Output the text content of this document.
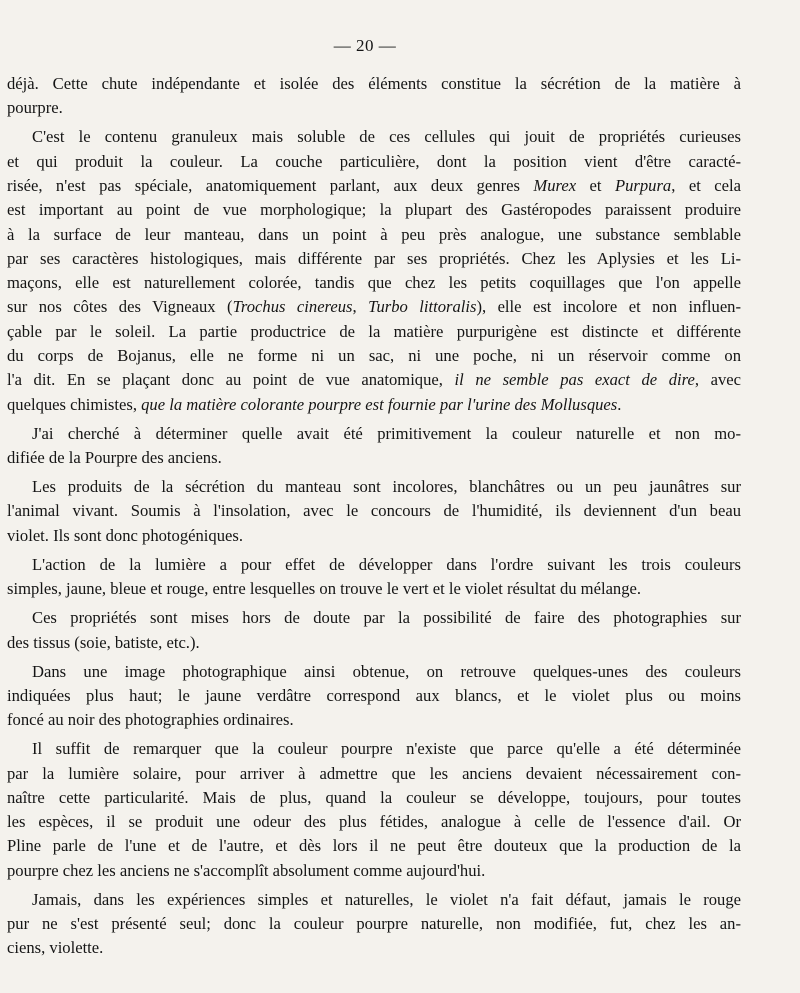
— 20 —

déjà. Cette chute indépendante et isolée des éléments constitue la sécrétion de la matière à
pourpre.

C'est le contenu granuleux mais soluble de ces cellules qui jouit de propriétés curieuses
et qui produit la couleur. La couche particulière, dont la position vient d'être caracté-
risée, n'est pas spéciale, anatomiquement parlant, aux deux genres Murex et Purpura, et cela
est important au point de vue morphologique; la plupart des Gastéropodes paraissent produire
à la surface de leur manteau, dans un point à peu près analogue, une substance semblable
par ses caractères histologiques, mais différente par ses propriétés. Chez les Aplysies et les Li-
maçons, elle est naturellement colorée, tandis que chez les petits coquillages que l'on appelle
sur nos côtes des Vigneaux (Trochus cinereus, Turbo littoralis), elle est incolore et non influen-
çable par le soleil. La partie productrice de la matière purpurigène est distincte et différente
du corps de Bojanus, elle ne forme ni un sac, ni une poche, ni un réservoir comme on
l'a dit. En se plaçant donc au point de vue anatomique, il ne semble pas exact de dire, avec
quelques chimistes, que la matière colorante pourpre est fournie par l'urine des Mollusques.

J'ai cherché à déterminer quelle avait été primitivement la couleur naturelle et non mo-
difiée de la Pourpre des anciens.

Les produits de la sécrétion du manteau sont incolores, blanchâtres ou un peu jaunâtres sur
l'animal vivant. Soumis à l'insolation, avec le concours de l'humidité, ils deviennent d'un beau
violet. Ils sont donc photogéniques.

L'action de la lumière a pour effet de développer dans l'ordre suivant les trois couleurs
simples, jaune, bleue et rouge, entre lesquelles on trouve le vert et le violet résultat du mélange.

Ces propriétés sont mises hors de doute par la possibilité de faire des photographies sur
des tissus (soie, batiste, etc.).

Dans une image photographique ainsi obtenue, on retrouve quelques-unes des couleurs
indiquées plus haut; le jaune verdâtre correspond aux blancs, et le violet plus ou moins
foncé au noir des photographies ordinaires.

Il suffit de remarquer que la couleur pourpre n'existe que parce qu'elle a été déterminée
par la lumière solaire, pour arriver à admettre que les anciens devaient nécessairement con-
naître cette particularité. Mais de plus, quand la couleur se développe, toujours, pour toutes
les espèces, il se produit une odeur des plus fétides, analogue à celle de l'essence d'ail. Or
Pline parle de l'une et de l'autre, et dès lors il ne peut être douteux que la production de la
pourpre chez les anciens ne s'accomplît absolument comme aujourd'hui.

Jamais, dans les expériences simples et naturelles, le violet n'a fait défaut, jamais le rouge
pur ne s'est présenté seul; donc la couleur pourpre naturelle, non modifiée, fut, chez les an-
ciens, violette.
